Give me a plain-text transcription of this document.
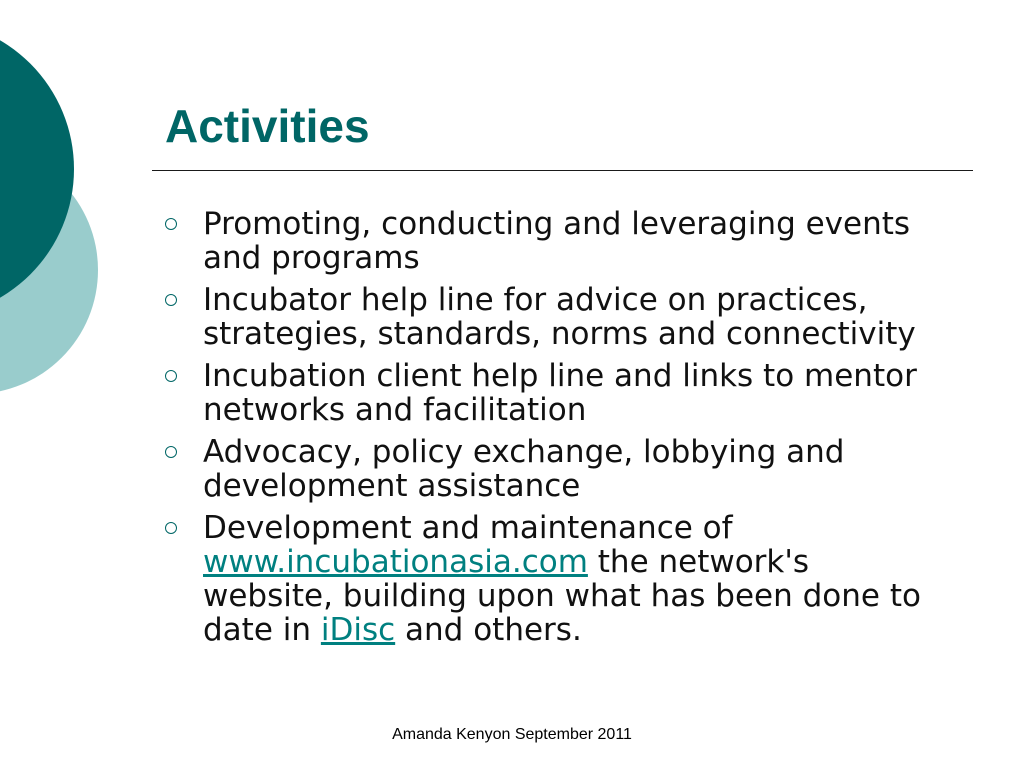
Activities
Promoting, conducting and leveraging events and programs
Incubator help line for advice on practices, strategies, standards, norms and connectivity
Incubation client help line and links to mentor networks and facilitation
Advocacy, policy exchange, lobbying and development assistance
Development and maintenance of www.incubationasia.com the network's website, building upon what has been done to date in iDisc and others.
Amanda Kenyon September 2011
